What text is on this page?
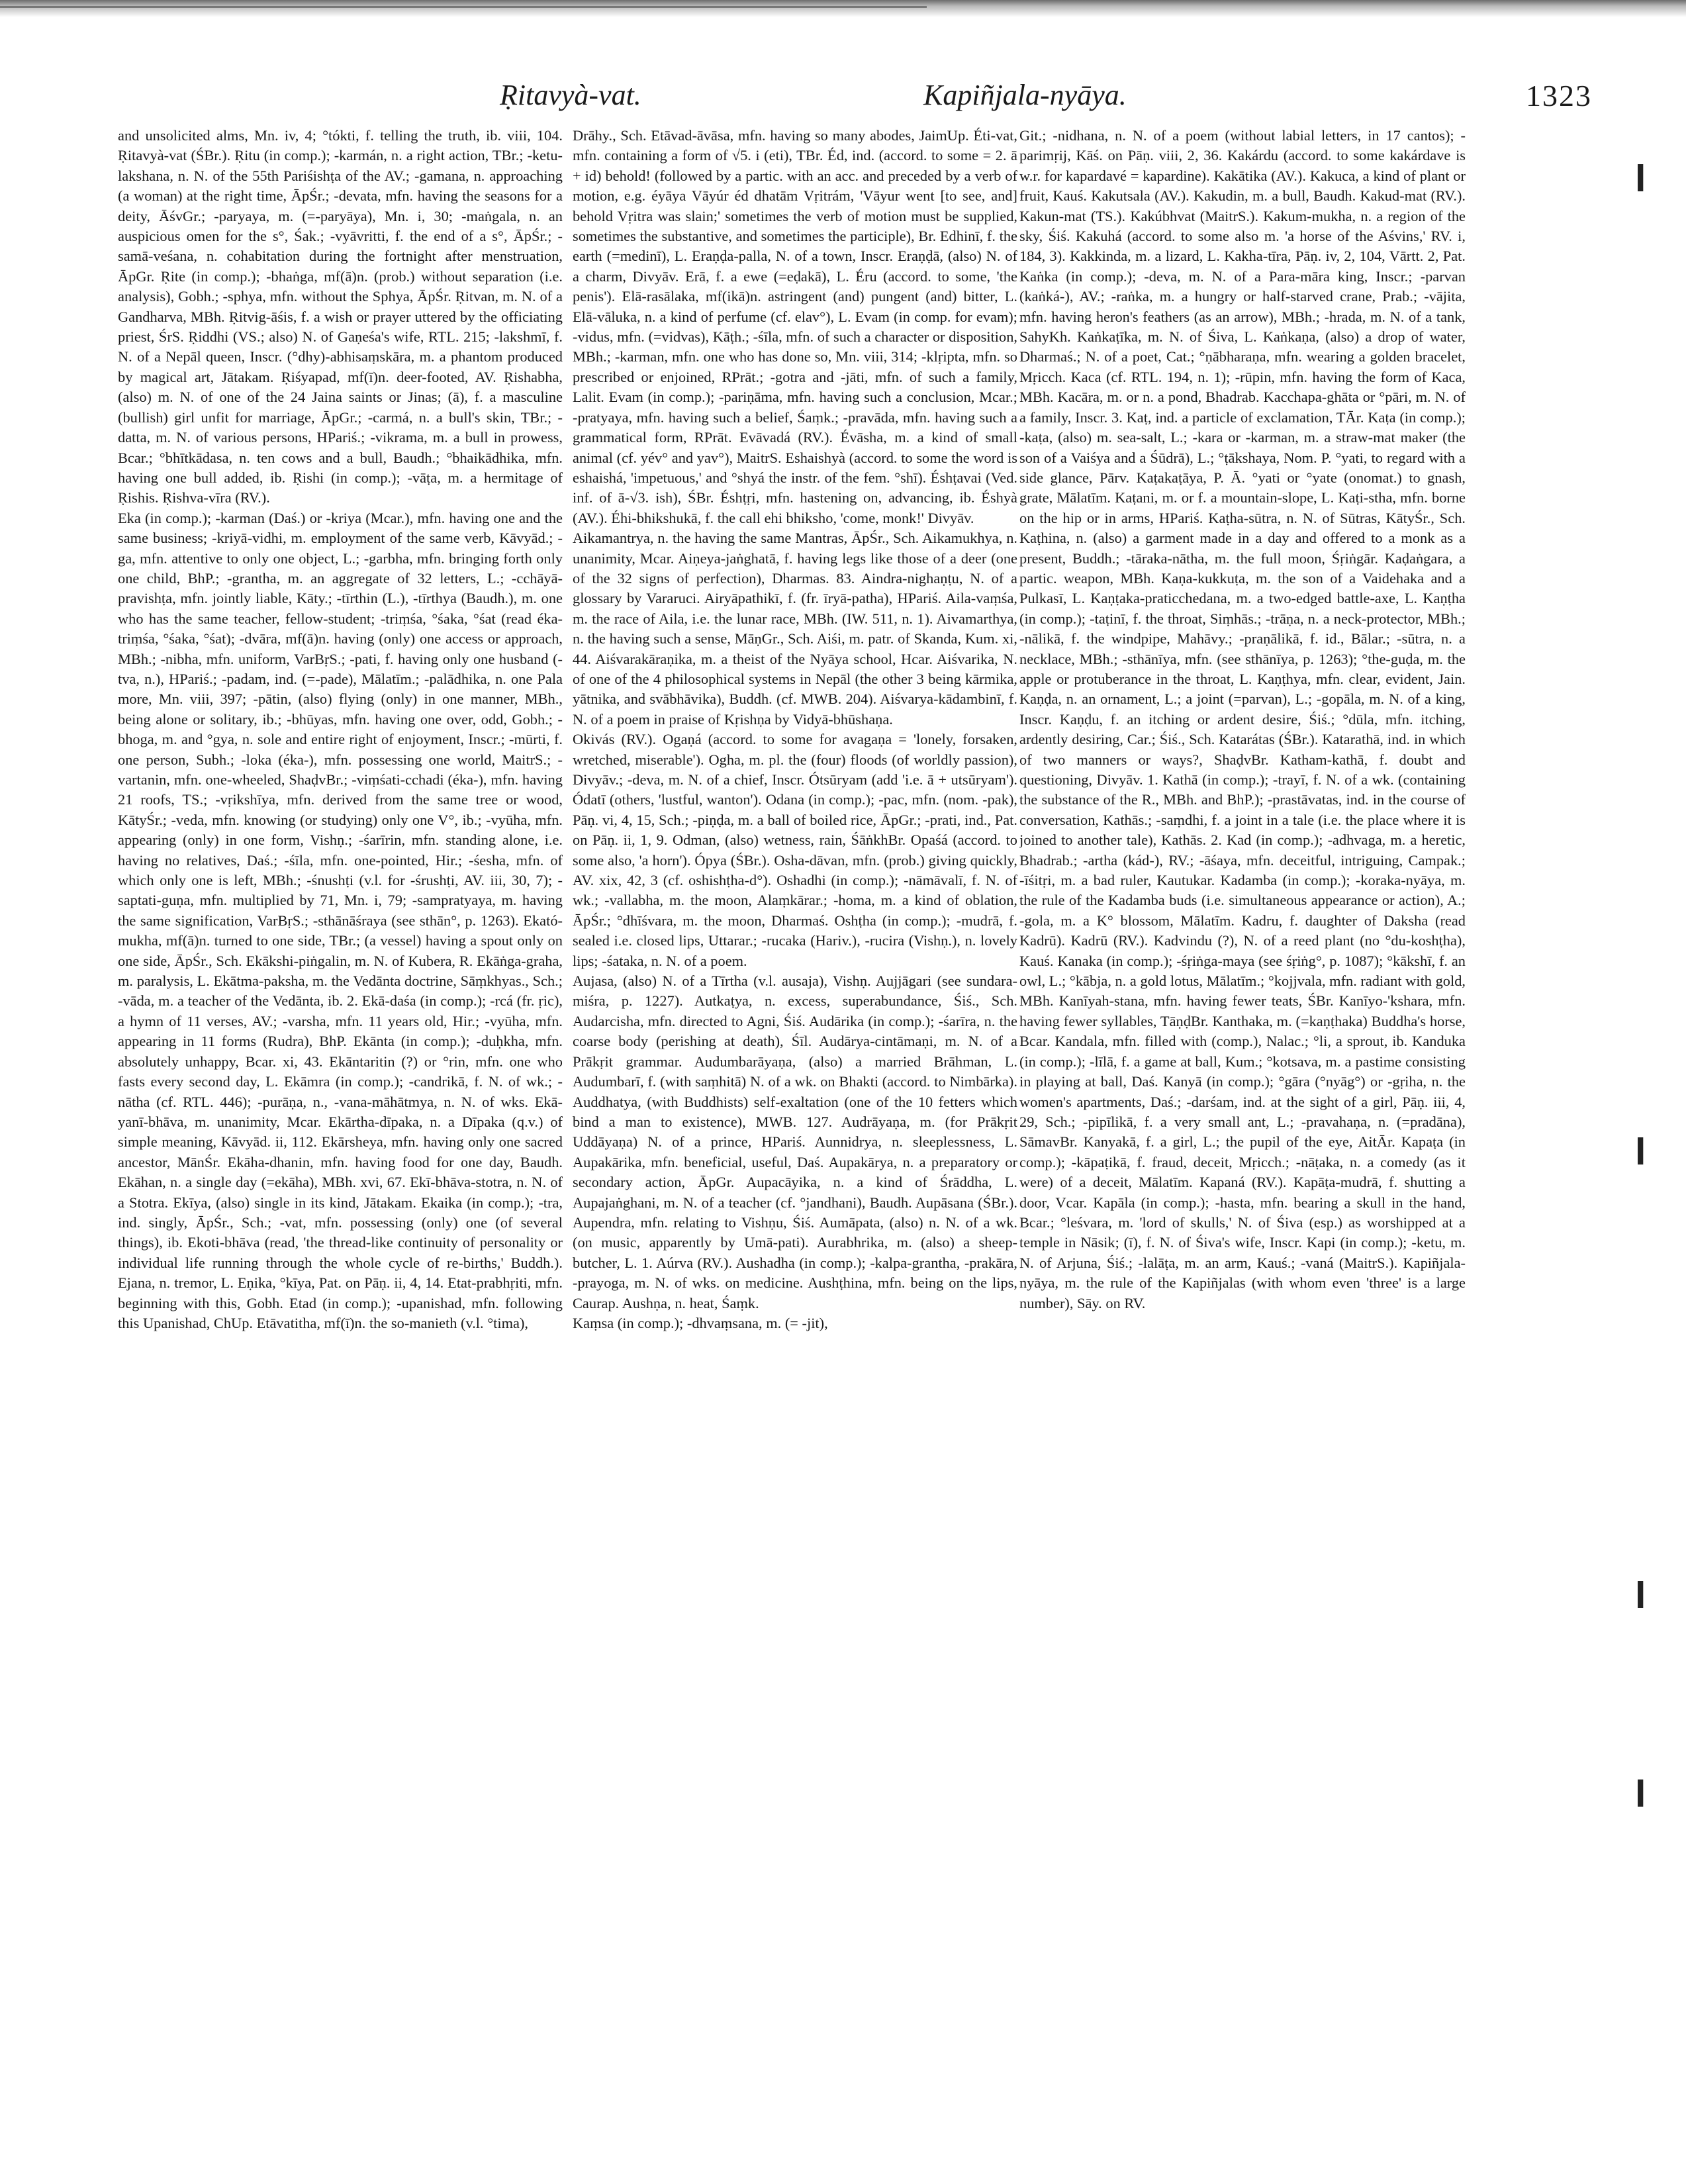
Ṛitavyà-vat.	Kapiñjala-nyāya.	1323

and unsolicited alms, Mn. iv, 4; °tókti, f. telling the truth, ib. viii, 104. Ṛitavyà-vat (ŚBr.). Ṛitu (in comp.); -karmán, n. a right action, TBr.; -ketu-lakshana, n. N. of the 55th Pariśishṭa of the AV.; -gamana, n. approaching (a woman) at the right time, ĀpŚr.; -devata, mfn. having the seasons for a deity, ĀśvGr.; -paryaya, m. (=-paryāya), Mn. i, 30; -maṅgala, n. an auspicious omen for the s°, Śak.; -vyāvritti, f. the end of a s°, ĀpŚr.; -samā-veśana, n. cohabitation during the fortnight after menstruation, ĀpGr. Ṛite (in comp.); -bhaṅga, mf(ā)n. (prob.) without separation (i.e. analysis), Gobh.; -sphya, mfn. without the Sphya, ĀpŚr. Ṛitvan, m. N. of a Gandharva, MBh. Ṛitvig-āśis, f. a wish or prayer uttered by the officiating priest, ŚrS. Ṛiddhi (VS.; also) N. of Gaṇeśa's wife, RTL. 215; -lakshmī, f. N. of a Nepāl queen, Inscr. (°dhy)-abhisaṃskāra, m. a phantom produced by magical art, Jātakam. Ṛiśyapad, mf(ī)n. deer-footed, AV. Ṛishabha, (also) m. N. of one of the 24 Jaina saints or Jinas; (ā), f. a masculine (bullish) girl unfit for marriage, ĀpGr.; -carmá, n. a bull's skin, TBr.; -datta, m. N. of various persons, HPariś.; -vikrama, m. a bull in prowess, Bcar.; °bhītkādasa, n. ten cows and a bull, Baudh.; °bhaikādhika, mfn. having one bull added, ib. Ṛishi (in comp.); -vāṭa, m. a hermitage of Ṛishis. Ṛishva-vīra (RV.).

Eka (in comp.); -karman (Daś.) or -kriya (Mcar.), mfn. having one and the same business; -kriyā-vidhi, m. employment of the same verb, Kāvyād.; -ga, mfn. attentive to only one object, L.; -garbha, mfn. bringing forth only one child, BhP.; -grantha, m. an aggregate of 32 letters, L.; -cchāyā-pravishṭa, mfn. jointly liable, Kāty.; -tīrthin (L.), -tīrthya (Baudh.), m. one who has the same teacher, fellow-student; -triṃśa, °śaka, °śat (read éka-triṃśa, °śaka, °śat); -dvāra, mf(ā)n. having (only) one access or approach, MBh.; -nibha, mfn. uniform, VarBṛS.; -pati, f. having only one husband (-tva, n.), HPariś.; -padam, ind. (=-pade), Mālatīm.; -palādhika, n. one Pala more, Mn. viii, 397; -pātin, (also) flying (only) in one manner, MBh., being alone or solitary, ib.; -bhūyas, mfn. having one over, odd, Gobh.; -bhoga, m. and °gya, n. sole and entire right of enjoyment, Inscr.; -mūrti, f. one person, Subh.; -loka (éka-), mfn. possessing one world, MaitrS.; -vartanin, mfn. one-wheeled, ShaḍvBr.; -viṃśati-cchadi (éka-), mfn. having 21 roofs, TS.; -vṛikshīya, mfn. derived from the same tree or wood, KātyŚr.; -veda, mfn. knowing (or studying) only one V°, ib.; -vyūha, mfn. appearing (only) in one form, Vishṇ.; -śarīrin, mfn. standing alone, i.e. having no relatives, Daś.; -śīla, mfn. one-pointed, Hir.; -śesha, mfn. of which only one is left, MBh.; -śnushṭi (v.l. for -śrushṭi, AV. iii, 30, 7); -saptati-guṇa, mfn. multiplied by 71, Mn. i, 79; -sampratyaya, m. having the same signification, VarBṛS.; -sthānāśraya (see sthān°, p. 1263). Ekató-mukha, mf(ā)n. turned to one side, TBr.; (a vessel) having a spout only on one side, ĀpŚr., Sch. Ekākshi-piṅgalin, m. N. of Kubera, R. Ekāṅga-graha, m. paralysis, L. Ekātma-paksha, m. the Vedānta doctrine, Sāṃkhyas., Sch.; -vāda, m. a teacher of the Vedānta, ib. 2. Ekā-daśa (in comp.); -rcá (fr. ṛic), a hymn of 11 verses, AV.; -varsha, mfn. 11 years old, Hir.; -vyūha, mfn. appearing in 11 forms (Rudra), BhP. Ekānta (in comp.); -duḥkha, mfn. absolutely unhappy, Bcar. xi, 43. Ekāntaritin (?) or °rin, mfn. one who fasts every second day, L. Ekāmra (in comp.); -candrikā, f. N. of wk.; -nātha (cf. RTL. 446); -purāṇa, n., -vana-māhātmya, n. N. of wks. Ekā-yanī-bhāva, m. unanimity, Mcar. Ekārtha-dīpaka, n. a Dīpaka (q.v.) of simple meaning, Kāvyād. ii, 112. Ekārsheya, mfn. having only one sacred ancestor, MānŚr. Ekāha-dhanin, mfn. having food for one day, Baudh. Ekāhan, n. a single day (=ekāha), MBh. xvi, 67. Ekī-bhāva-stotra, n. N. of a Stotra. Ekīya, (also) single in its kind, Jātakam. Ekaika (in comp.); -tra, ind. singly, ĀpŚr., Sch.; -vat, mfn. possessing (only) one (of several things), ib. Ekoti-bhāva (read, 'the thread-like continuity of personality or individual life running through the whole cycle of re-births,' Buddh.). Ejana, n. tremor, L. Eṇika, °kīya, Pat. on Pāṇ. ii, 4, 14. Etat-prabhṛiti, mfn. beginning with this, Gobh. Etad (in comp.); -upanishad, mfn. following this Upanishad, ChUp. Etāvatitha, mf(ī)n. the so-manieth (v.l. °tima),

Drāhy., Sch. Etāvad-āvāsa, mfn. having so many abodes, JaimUp. Éti-vat, mfn. containing a form of √5. i (eti), TBr. Éd, ind. (accord. to some = 2. ā + id) behold! (followed by a partic. with an acc. and preceded by a verb of motion, e.g. éyāya Vāyúr éd dhatām Vṛitrám, 'Vāyur went [to see, and] behold Vṛitra was slain;' sometimes the verb of motion must be supplied, sometimes the substantive, and sometimes the participle), Br. Edhinī, f. the earth (=medinī), L. Eraṇḍa-palla, N. of a town, Inscr. Eraṇḍā, (also) N. of a charm, Divyāv. Erā, f. a ewe (=eḍakā), L. Éru (accord. to some, 'the penis'). Elā-rasālaka, mf(ikā)n. astringent (and) pungent (and) bitter, L. Elā-vāluka, n. a kind of perfume (cf. elav°), L. Evam (in comp. for evam); -vidus, mfn. (=vidvas), Kāṭh.; -śīla, mfn. of such a character or disposition, MBh.; -karman, mfn. one who has done so, Mn. viii, 314; -klṛipta, mfn. so prescribed or enjoined, RPrāt.; -gotra and -jāti, mfn. of such a family, Lalit. Evam (in comp.); -pariṇāma, mfn. having such a conclusion, Mcar.; -pratyaya, mfn. having such a belief, Śaṃk.; -pravāda, mfn. having such a grammatical form, RPrāt. Evāvadá (RV.). Évāsha, m. a kind of small animal (cf. yév° and yav°), MaitrS. Eshaishyà (accord. to some the word is eshaishá, 'impetuous,' and °shyá the instr. of the fem. °shī). Éshṭavai (Ved. inf. of ā-√3. ish), ŚBr. Éshṭṛi, mfn. hastening on, advancing, ib. Éshyà (AV.). Éhi-bhikshukā, f. the call ehi bhiksho, 'come, monk!' Divyāv.

Aikamantrya, n. the having the same Mantras, ĀpŚr., Sch. Aikamukhya, n. unanimity, Mcar. Aiṇeya-jaṅghatā, f. having legs like those of a deer (one of the 32 signs of perfection), Dharmas. 83. Aindra-nighaṇṭu, N. of a glossary by Vararuci. Airyāpathikī, f. (fr. īryā-patha), HPariś. Aila-vaṃśa, m. the race of Aila, i.e. the lunar race, MBh. (IW. 511, n. 1). Aivamarthya, n. the having such a sense, MāṇGr., Sch. Aiśi, m. patr. of Skanda, Kum. xi, 44. Aiśvarakāraṇika, m. a theist of the Nyāya school, Hcar. Aiśvarika, N. of one of the 4 philosophical systems in Nepāl (the other 3 being kārmika, yātnika, and svābhāvika), Buddh. (cf. MWB. 204). Aiśvarya-kādambinī, f. N. of a poem in praise of Kṛishṇa by Vidyā-bhūshaṇa.

Okivás (RV.). Ogaṇá (accord. to some for avagaṇa = 'lonely, forsaken, wretched, miserable'). Ogha, m. pl. the (four) floods (of worldly passion), Divyāv.; -deva, m. N. of a chief, Inscr. Ótsūryam (add 'i.e. ā + utsūryam'). Ódatī (others, 'lustful, wanton'). Odana (in comp.); -pac, mfn. (nom. -pak), Pāṇ. vi, 4, 15, Sch.; -piṇḍa, m. a ball of boiled rice, ĀpGr.; -prati, ind., Pat. on Pāṇ. ii, 1, 9. Odman, (also) wetness, rain, ŚāṅkhBr. Opaśá (accord. to some also, 'a horn'). Ópya (ŚBr.). Osha-dāvan, mfn. (prob.) giving quickly, AV. xix, 42, 3 (cf. oshishṭha-d°). Oshadhi (in comp.); -nāmāvalī, f. N. of wk.; -vallabha, m. the moon, Alaṃkārar.; -homa, m. a kind of oblation, ĀpŚr.; °dhīśvara, m. the moon, Dharmaś. Oshṭha (in comp.); -mudrā, f. sealed i.e. closed lips, Uttarar.; -rucaka (Hariv.), -rucira (Vishṇ.), n. lovely lips; -śataka, n. N. of a poem.

Aujasa, (also) N. of a Tīrtha (v.l. ausaja), Vishṇ. Aujjāgari (see sundara-miśra, p. 1227). Autkaṭya, n. excess, superabundance, Śiś., Sch. Audarcisha, mfn. directed to Agni, Śiś. Audārika (in comp.); -śarīra, n. the coarse body (perishing at death), Śīl. Audārya-cintāmaṇi, m. N. of a Prākṛit grammar. Audumbarāyaṇa, (also) a married Brāhman, L. Audumbarī, f. (with saṃhitā) N. of a wk. on Bhakti (accord. to Nimbārka). Auddhatya, (with Buddhists) self-exaltation (one of the 10 fetters which bind a man to existence), MWB. 127. Audrāyaṇa, m. (for Prākṛit Uddāyaṇa) N. of a prince, HPariś. Aunnidrya, n. sleeplessness, L. Aupakārika, mfn. beneficial, useful, Daś. Aupakārya, n. a preparatory or secondary action, ĀpGr. Aupacāyika, n. a kind of Śrāddha, L. Aupajaṅghani, m. N. of a teacher (cf. °jandhani), Baudh. Aupāsana (ŚBr.). Aupendra, mfn. relating to Vishṇu, Śiś. Aumāpata, (also) n. N. of a wk. (on music, apparently by Umā-pati). Aurabhrika, m. (also) a sheep-butcher, L. 1. Aúrva (RV.). Aushadha (in comp.); -kalpa-grantha, -prakāra, -prayoga, m. N. of wks. on medicine. Aushṭhina, mfn. being on the lips, Caurap. Aushṇa, n. heat, Śaṃk.

Kaṃsa (in comp.); -dhvaṃsana, m. (= -jit),

Git.; -nidhana, n. N. of a poem (without labial letters, in 17 cantos); -parimṛij, Kāś. on Pāṇ. viii, 2, 36. Kakárdu (accord. to some kakárdave is w.r. for kapardavé = kapardine). Kakātika (AV.). Kakuca, a kind of plant or fruit, Kauś. Kakutsala (AV.). Kakudin, m. a bull, Baudh. Kakud-mat (RV.). Kakun-mat (TS.). Kakúbhvat (MaitrS.). Kakum-mukha, n. a region of the sky, Śiś. Kakuhá (accord. to some also m. 'a horse of the Aśvins,' RV. i, 184, 3). Kakkinda, m. a lizard, L. Kakha-tīra, Pāṇ. iv, 2, 104, Vārtt. 2, Pat. Kaṅka (in comp.); -deva, m. N. of a Para-māra king, Inscr.; -parvan (kaṅká-), AV.; -raṅka, m. a hungry or half-starved crane, Prab.; -vājita, mfn. having heron's feathers (as an arrow), MBh.; -hrada, m. N. of a tank, SahyKh. Kaṅkaṭīka, m. N. of Śiva, L. Kaṅkaṇa, (also) a drop of water, Dharmaś.; N. of a poet, Cat.; °ṇābharaṇa, mfn. wearing a golden bracelet, Mṛicch. Kaca (cf. RTL. 194, n. 1); -rūpin, mfn. having the form of Kaca, MBh. Kacāra, m. or n. a pond, Bhadrab. Kacchapa-ghāta or °pāri, m. N. of a family, Inscr. 3. Kaṭ, ind. a particle of exclamation, TĀr. Kaṭa (in comp.); -kaṭa, (also) m. sea-salt, L.; -kara or -karman, m. a straw-mat maker (the son of a Vaiśya and a Śūdrā), L.; °ṭākshaya, Nom. P. °yati, to regard with a side glance, Pārv. Kaṭakaṭāya, P. Ā. °yati or °yate (onomat.) to gnash, grate, Mālatīm. Kaṭani, m. or f. a mountain-slope, L. Kaṭi-stha, mfn. borne on the hip or in arms, HPariś. Kaṭha-sūtra, n. N. of Sūtras, KātyŚr., Sch. Kaṭhina, n. (also) a garment made in a day and offered to a monk as a present, Buddh.; -tāraka-nātha, m. the full moon, Śṛiṅgār. Kaḍaṅgara, a partic. weapon, MBh. Kaṇa-kukkuṭa, m. the son of a Vaidehaka and a Pulkasī, L. Kaṇṭaka-praticchedana, m. a two-edged battle-axe, L. Kaṇṭha (in comp.); -taṭinī, f. the throat, Siṃhās.; -trāṇa, n. a neck-protector, MBh.; -nālikā, f. the windpipe, Mahāvy.; -praṇālikā, f. id., Bālar.; -sūtra, n. a necklace, MBh.; -sthānīya, mfn. (see sthānīya, p. 1263); °the-guḍa, m. the apple or protuberance in the throat, L. Kaṇṭhya, mfn. clear, evident, Jain. Kaṇḍa, n. an ornament, L.; a joint (=parvan), L.; -gopāla, m. N. of a king, Inscr. Kaṇḍu, f. an itching or ardent desire, Śiś.; °dūla, mfn. itching, ardently desiring, Car.; Śiś., Sch. Katarátas (ŚBr.). Katarathā, ind. in which of two manners or ways?, ShaḍvBr. Katham-kathā, f. doubt and questioning, Divyāv. 1. Kathā (in comp.); -trayī, f. N. of a wk. (containing the substance of the R., MBh. and BhP.); -prastāvatas, ind. in the course of conversation, Kathās.; -saṃdhi, f. a joint in a tale (i.e. the place where it is joined to another tale), Kathās. 2. Kad (in comp.); -adhvaga, m. a heretic, Bhadrab.; -artha (kád-), RV.; -āśaya, mfn. deceitful, intriguing, Campak.; -īśitṛi, m. a bad ruler, Kautukar. Kadamba (in comp.); -koraka-nyāya, m. the rule of the Kadamba buds (i.e. simultaneous appearance or action), A.; -gola, m. a K° blossom, Mālatīm. Kadru, f. daughter of Daksha (read Kadrū). Kadrū (RV.). Kadvindu (?), N. of a reed plant (no °du-koshṭha), Kauś. Kanaka (in comp.); -śṛiṅga-maya (see śṛiṅg°, p. 1087); °kākshī, f. an owl, L.; °kābja, n. a gold lotus, Mālatīm.; °kojjvala, mfn. radiant with gold, MBh. Kanīyah-stana, mfn. having fewer teats, ŚBr. Kanīyo-'kshara, mfn. having fewer syllables, TāṇḍBr. Kanthaka, m. (=kaṇṭhaka) Buddha's horse, Bcar. Kandala, mfn. filled with (comp.), Nalac.; °li, a sprout, ib. Kanduka (in comp.); -līlā, f. a game at ball, Kum.; °kotsava, m. a pastime consisting in playing at ball, Daś. Kanyā (in comp.); °gāra (°nyāg°) or -gṛiha, n. the women's apartments, Daś.; -darśam, ind. at the sight of a girl, Pāṇ. iii, 4, 29, Sch.; -pipīlikā, f. a very small ant, L.; -pravahaṇa, n. (=pradāna), SāmavBr. Kanyakā, f. a girl, L.; the pupil of the eye, AitĀr. Kapaṭa (in comp.); -kāpaṭikā, f. fraud, deceit, Mṛicch.; -nāṭaka, n. a comedy (as it were) of a deceit, Mālatīm. Kapaná (RV.). Kapāṭa-mudrā, f. shutting a door, Vcar. Kapāla (in comp.); -hasta, mfn. bearing a skull in the hand, Bcar.; °leśvara, m. 'lord of skulls,' N. of Śiva (esp.) as worshipped at a temple in Nāsik; (ī), f. N. of Śiva's wife, Inscr. Kapi (in comp.); -ketu, m. N. of Arjuna, Śiś.; -lalāṭa, m. an arm, Kauś.; -vaná (MaitrS.). Kapiñjala-nyāya, m. the rule of the Kapiñjalas (with whom even 'three' is a large number), Sāy. on RV.

ǀ
ǀ
ǀ
ǀ
